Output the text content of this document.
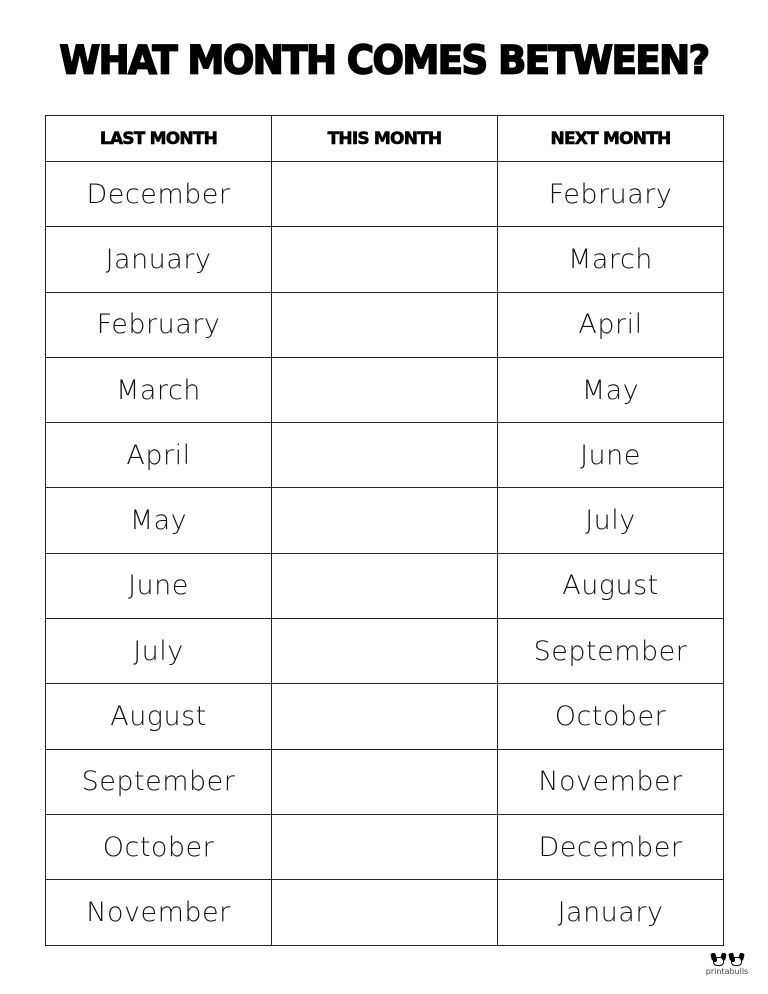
WHAT MONTH COMES BETWEEN?
LAST MONTH	THIS MONTH	NEXT MONTH
December		February
January		March
February		April
March		May
April		June
May		July
June		August
July		September
August		October
September		November
October		December
November		January
printabulls
